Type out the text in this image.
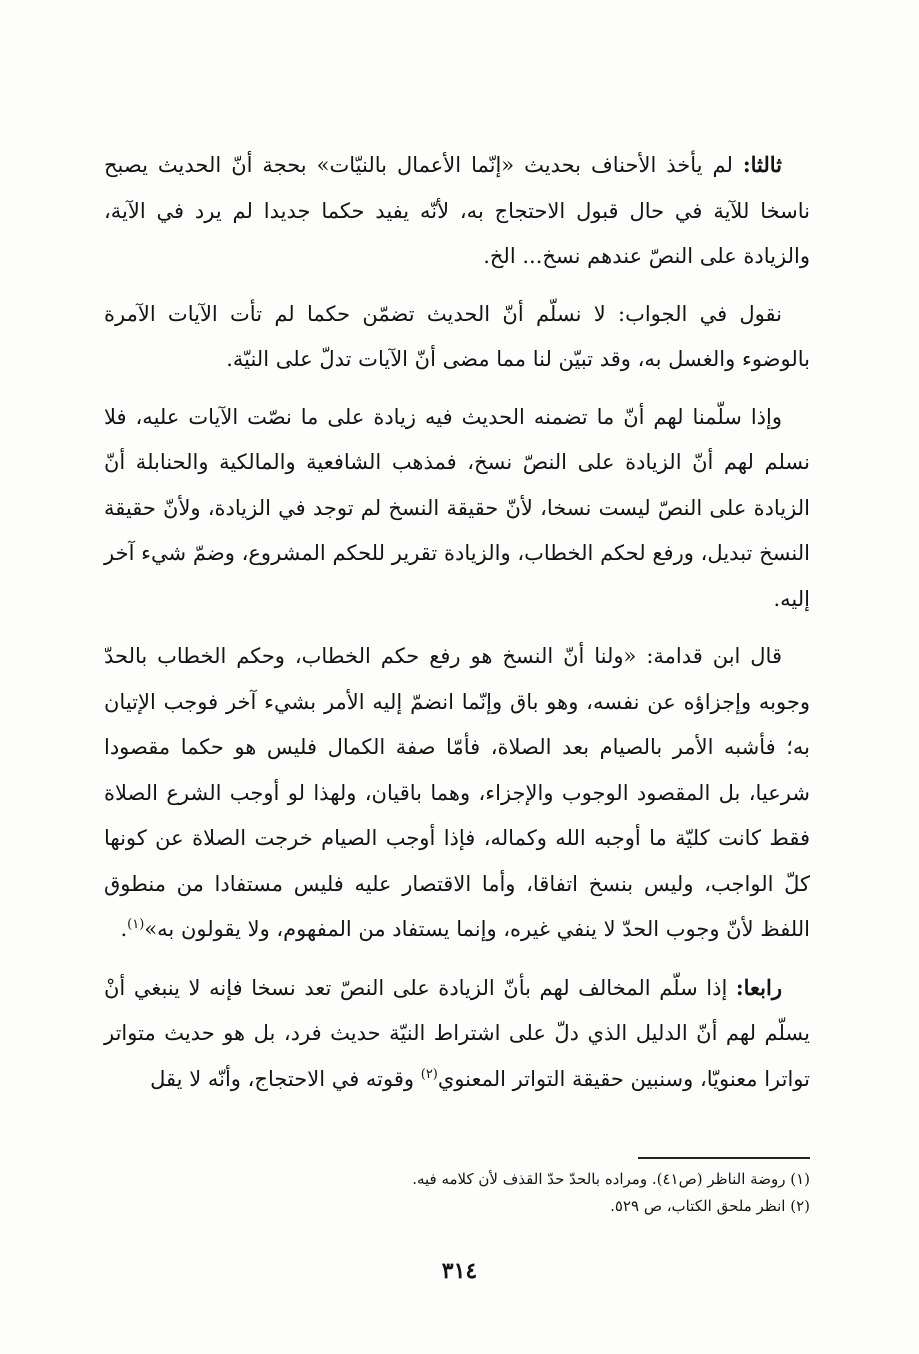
ثالثا: لم يأخذ الأحناف بحديث «إنّما الأعمال بالنيّات» بحجة أنّ الحديث يصبح ناسخا للآية في حال قبول الاحتجاج به، لأنّه يفيد حكما جديدا لم يرد في الآية، والزيادة على النصّ عندهم نسخ... الخ.

نقول في الجواب: لا نسلّم أنّ الحديث تضمّن حكما لم تأت الآيات الآمرة بالوضوء والغسل به، وقد تبيّن لنا مما مضى أنّ الآيات تدلّ على النيّة.

وإذا سلّمنا لهم أنّ ما تضمنه الحديث فيه زيادة على ما نصّت الآيات عليه، فلا نسلم لهم أنّ الزيادة على النصّ نسخ، فمذهب الشافعية والمالكية والحنابلة أنّ الزيادة على النصّ ليست نسخا، لأنّ حقيقة النسخ لم توجد في الزيادة، ولأنّ حقيقة النسخ تبديل، ورفع لحكم الخطاب، والزيادة تقرير للحكم المشروع، وضمّ شيء آخر إليه.

قال ابن قدامة: «ولنا أنّ النسخ هو رفع حكم الخطاب، وحكم الخطاب بالحدّ وجوبه وإجزاؤه عن نفسه، وهو باق وإنّما انضمّ إليه الأمر بشيء آخر فوجب الإتيان به؛ فأشبه الأمر بالصيام بعد الصلاة، فأمّا صفة الكمال فليس هو حكما مقصودا شرعيا، بل المقصود الوجوب والإجزاء، وهما باقيان، ولهذا لو أوجب الشرع الصلاة فقط كانت كليّة ما أوجبه الله وكماله، فإذا أوجب الصيام خرجت الصلاة عن كونها كلّ الواجب، وليس بنسخ اتفاقا، وأما الاقتصار عليه فليس مستفادا من منطوق اللفظ لأنّ وجوب الحدّ لا ينفي غيره، وإنما يستفاد من المفهوم، ولا يقولون به»$^{(١)}$.

رابعا: إذا سلّم المخالف لهم بأنّ الزيادة على النصّ تعد نسخا فإنه لا ينبغي أنْ يسلّم لهم أنّ الدليل الذي دلّ على اشتراط النيّة حديث فرد، بل هو حديث متواتر تواترا معنويّا، وسنبين حقيقة التواتر المعنوي$^{(٢)}$ وقوته في الاحتجاج، وأنّه لا يقل

(١) روضة الناظر (ص٤١). ومراده بالحدّ حدّ القذف لأن كلامه فيه.

(٢) انظر ملحق الكتاب، ص ٥٢٩.

٣١٤
